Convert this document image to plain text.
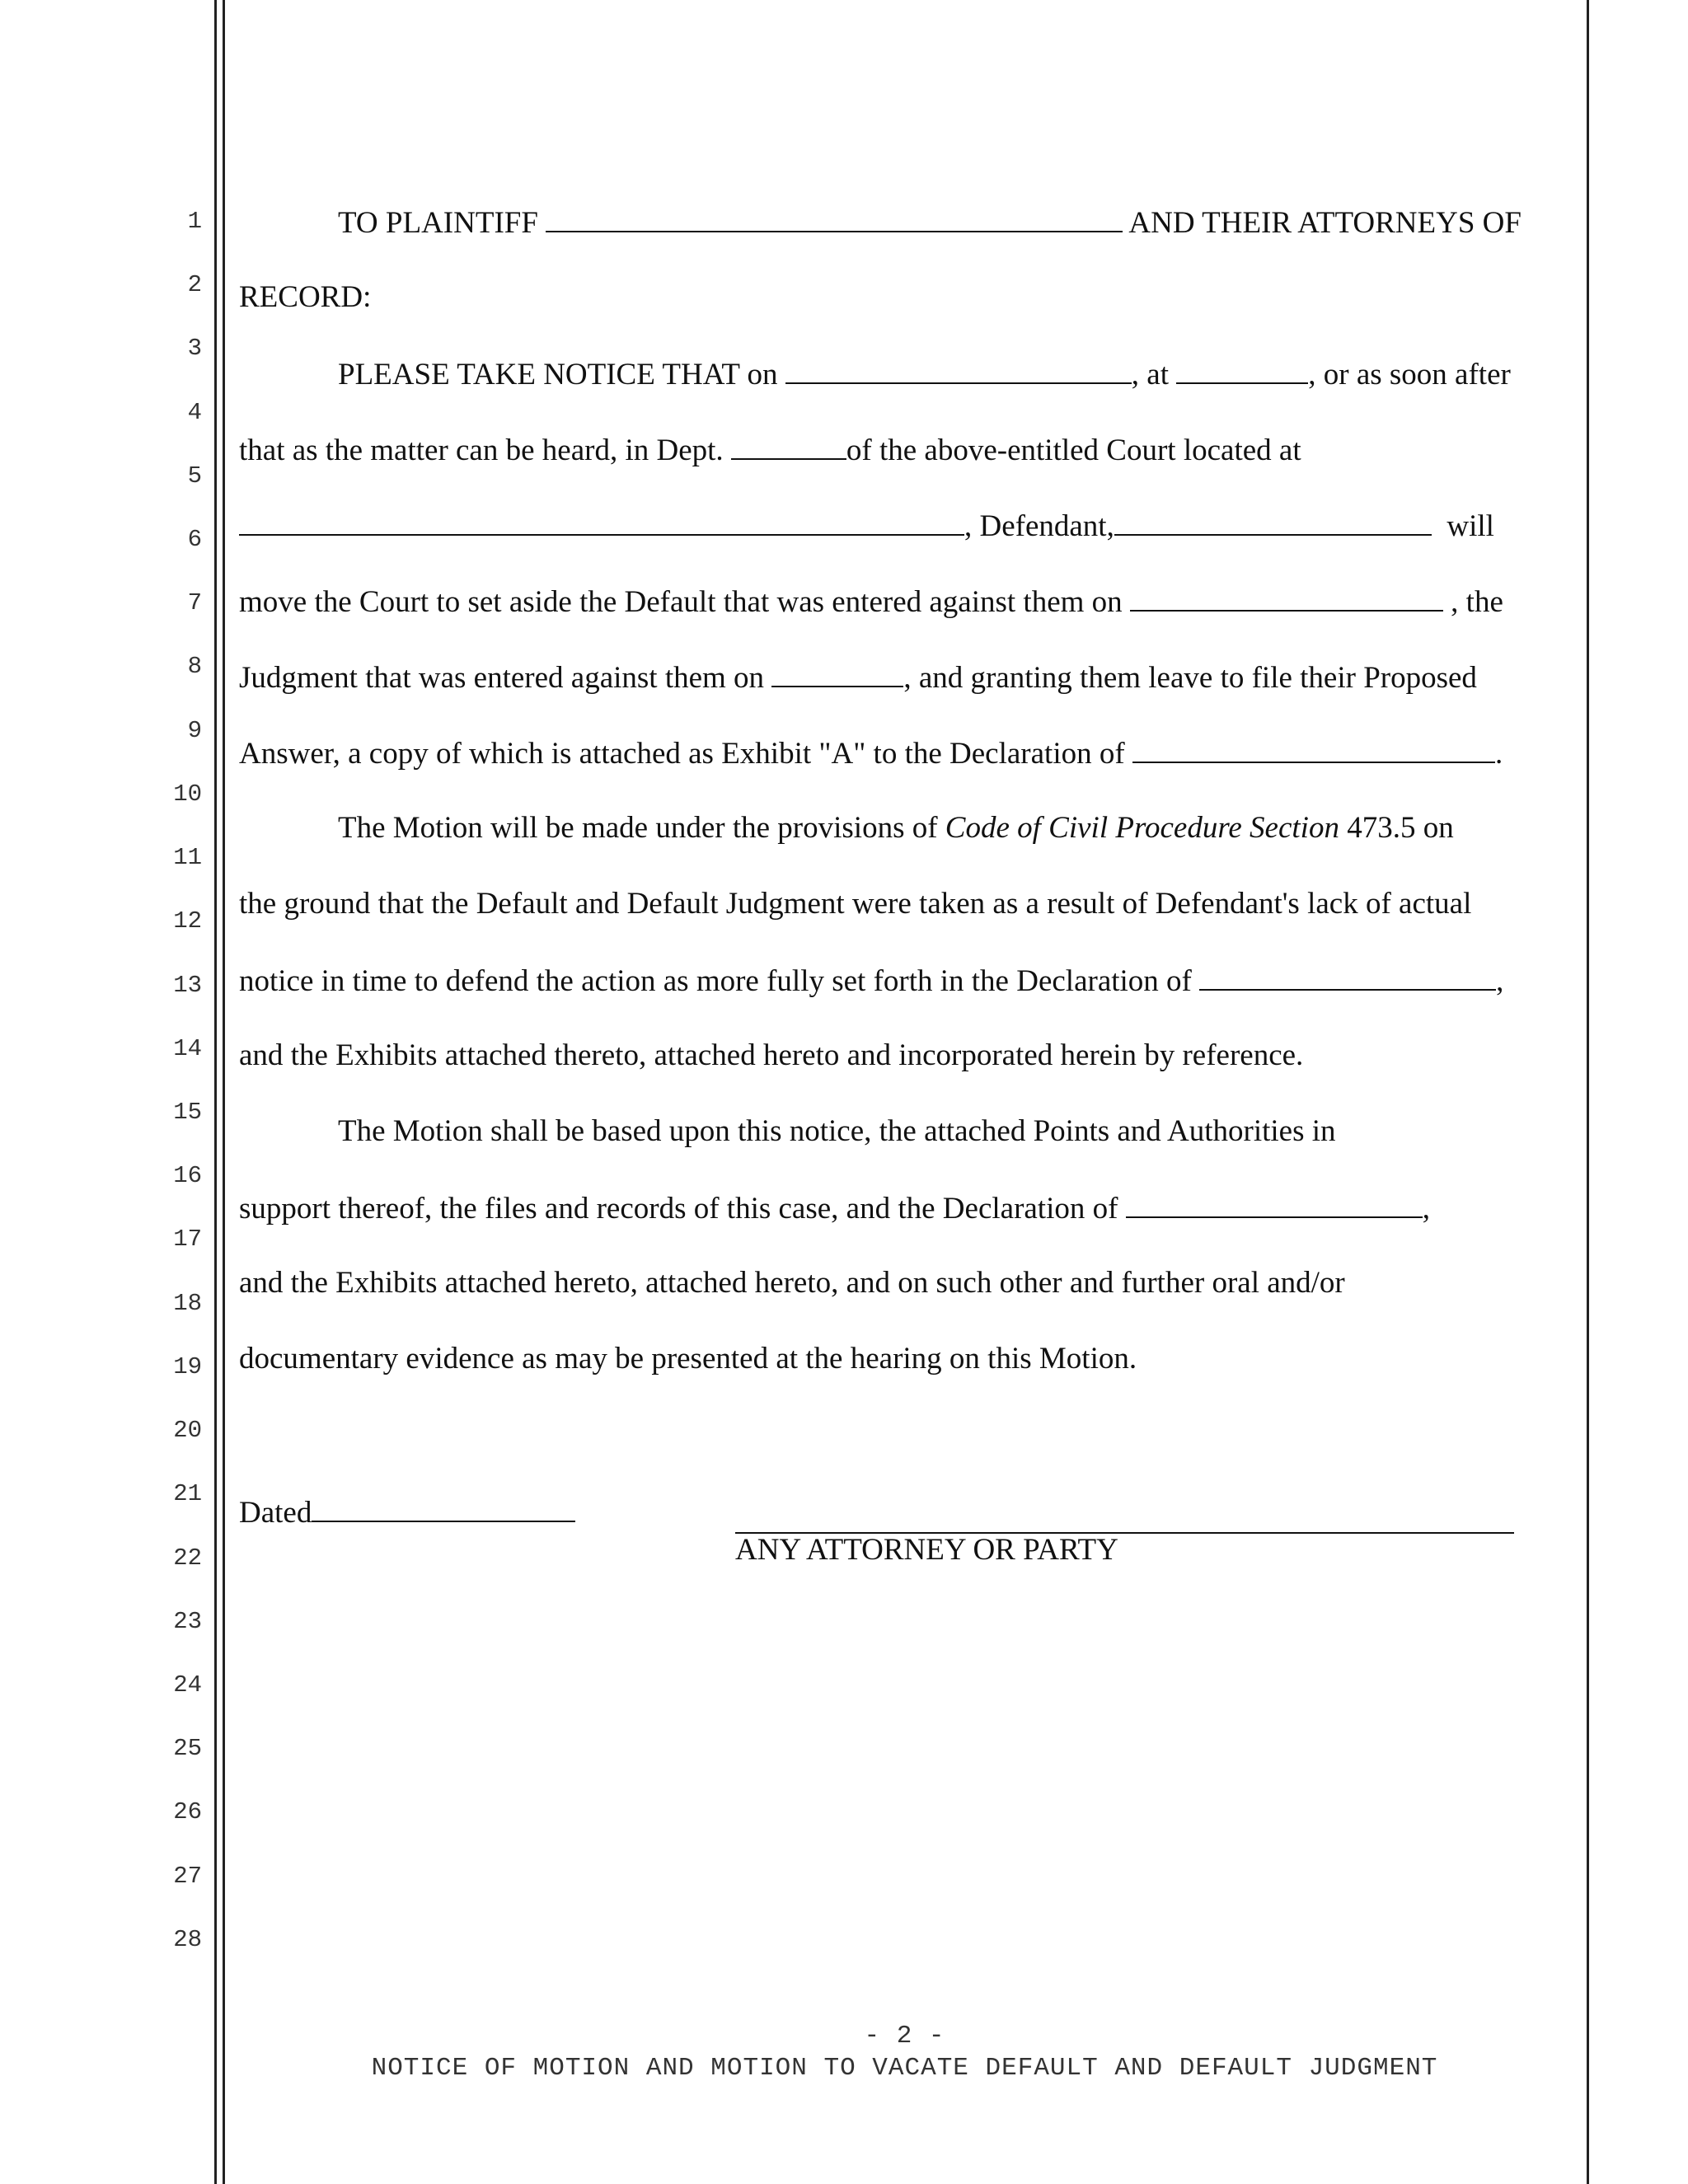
1
2
3
4
5
6
7
8
9
10
11
12
13
14
15
16
17
18
19
20
21
22
23
24
25
26
27
28
TO PLAINTIFF	AND THEIR ATTORNEYS OF
RECORD:
PLEASE TAKE NOTICE THAT on	, at	, or as soon after
that as the matter can be heard, in Dept.	of the above-entitled Court located at
, Defendant,	will
move the Court to set aside the Default that was entered against them on	, the
Judgment that was entered against them on	, and granting them leave to file their Proposed
Answer, a copy of which is attached as Exhibit "A" to the Declaration of	.
The Motion will be made under the provisions of Code of Civil Procedure Section 473.5 on
the ground that the Default and Default Judgment were taken as a result of Defendant's lack of actual
notice in time to defend the action as more fully set forth in the Declaration of	,
and the Exhibits attached thereto, attached hereto and incorporated herein by reference.
The Motion shall be based upon this notice, the attached Points and Authorities in
support thereof, the files and records of this case, and the Declaration of	,
and the Exhibits attached hereto, attached hereto, and on such other and further oral and/or
documentary evidence as may be presented at the hearing on this Motion.
Dated
ANY ATTORNEY OR PARTY
- 2 -
NOTICE OF MOTION AND MOTION TO VACATE DEFAULT AND DEFAULT JUDGMENT
